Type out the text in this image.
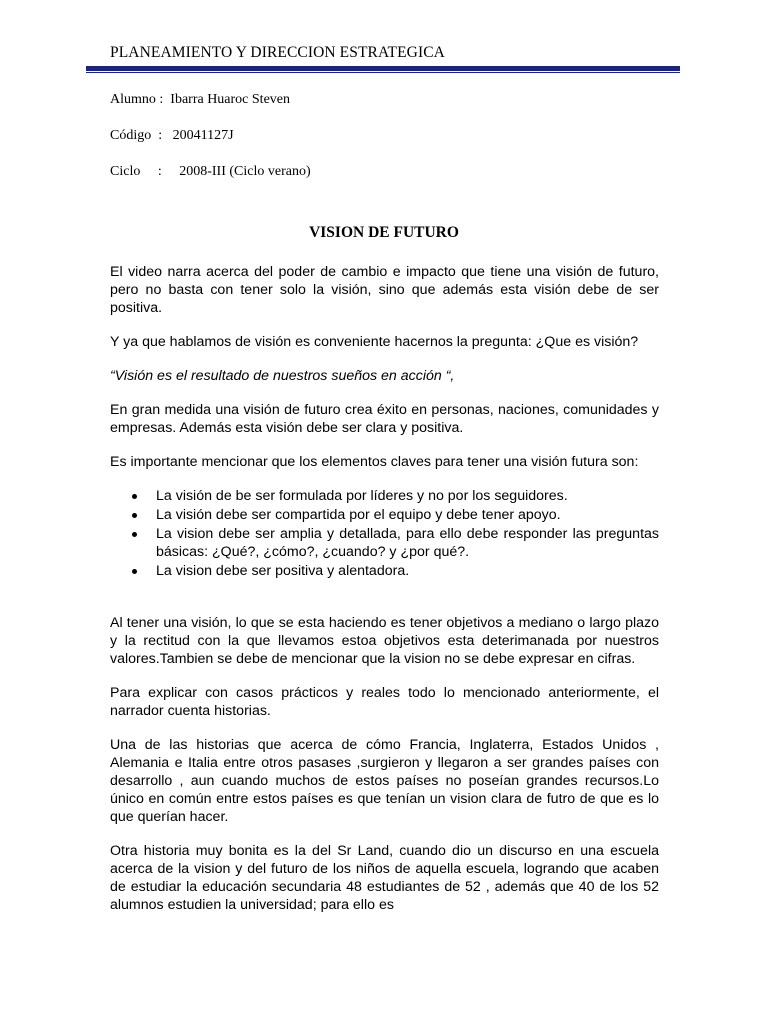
PLANEAMIENTO Y DIRECCION ESTRATEGICA
Alumno : Ibarra Huaroc Steven
Código : 20041127J
Ciclo : 2008-III (Ciclo verano)
VISION DE FUTURO

El video narra acerca del poder de cambio e impacto que tiene una visión de futuro, pero no basta con tener solo la visión, sino que además esta visión debe de ser positiva.

Y ya que hablamos de visión es conveniente hacernos la pregunta: ¿Que es visión?

“Visión es el resultado de nuestros sueños en acción “,

En gran medida una visión de futuro crea éxito en personas, naciones, comunidades y empresas. Además esta visión debe ser clara y positiva.

Es importante mencionar que los elementos claves para tener una visión futura son:

La visión de be ser formulada por líderes y no por los seguidores.
La visión debe ser compartida por el equipo y debe tener apoyo.
La vision debe ser amplia y detallada, para ello debe responder las preguntas básicas: ¿Qué?, ¿cómo?, ¿cuando? y ¿por qué?.
La vision debe ser positiva y alentadora.

Al tener una visión, lo que se esta haciendo es tener objetivos a mediano o largo plazo y la rectitud con la que llevamos estoa objetivos esta deterimanada por nuestros valores.Tambien se debe de mencionar que la vision no se debe expresar en cifras.

Para explicar con casos prácticos y reales todo lo mencionado anteriormente, el narrador cuenta historias.

Una de las historias que acerca de cómo Francia, Inglaterra, Estados Unidos , Alemania e Italia entre otros pasases ,surgieron y llegaron a ser grandes países con desarrollo , aun cuando muchos de estos países no poseían grandes recursos.Lo único en común entre estos países es que tenían un vision clara de futro de que es lo que querían hacer.

Otra historia muy bonita es la del Sr Land, cuando dio un discurso en una escuela acerca de la vision y del futuro de los niños de aquella escuela, logrando que acaben de estudiar la educación secundaria 48 estudiantes de 52 , además que 40 de los 52 alumnos estudien la universidad; para ello es
